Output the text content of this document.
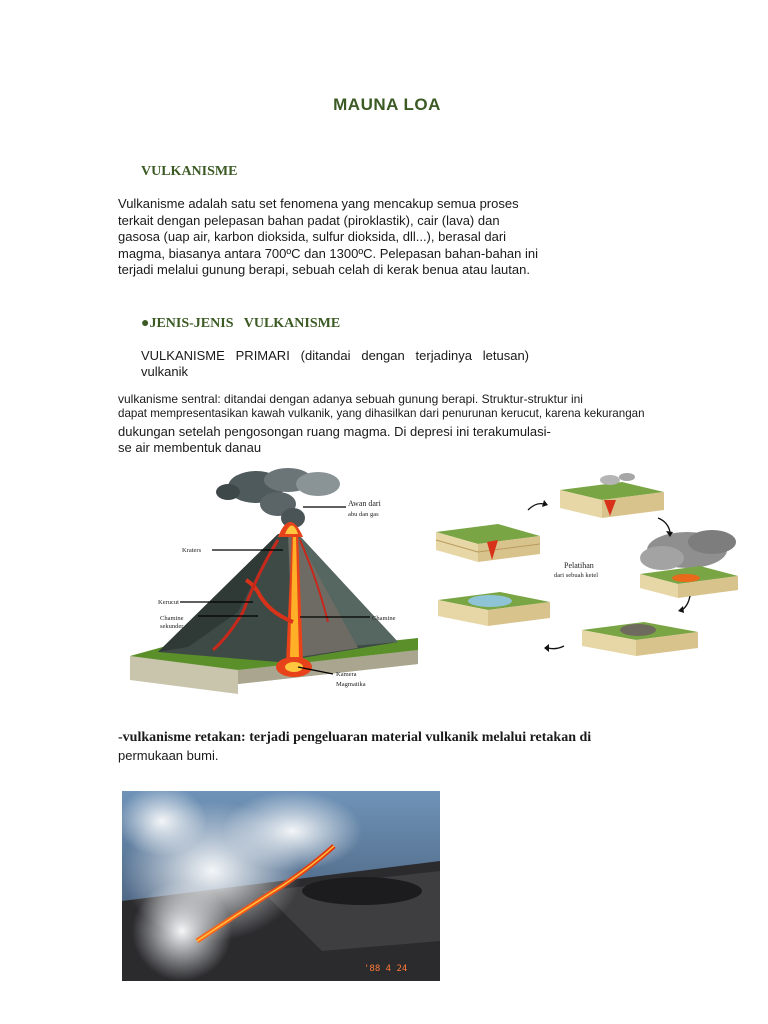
MAUNA LOA
VULKANISME
Vulkanisme adalah satu set fenomena yang mencakup semua proses
terkait dengan pelepasan bahan padat (piroklastik), cair (lava) dan
gasosa (uap air, karbon dioksida, sulfur dioksida, dll...), berasal dari
magma, biasanya antara 700ºC dan 1300ºC. Pelepasan bahan-bahan ini
terjadi melalui gunung berapi, sebuah celah di kerak benua atau lautan.
●JENIS-JENIS   VULKANISME
VULKANISME   PRIMARI   (ditandai   dengan   terjadinya   letusan)
vulkanik
vulkanisme sentral: ditandai dengan adanya sebuah gunung berapi. Struktur-struktur ini
dapat mempresentasikan kawah vulkanik, yang dihasilkan dari penurunan kerucut, karena kekurangan
dukungan setelah pengosongan ruang magma. Di depresi ini terakumulasi-
se air membentuk danau
Awan dari
abu dan gas
Kraters
Kerucut
Chamine
sekunder
Chamine
Kamera
Magmatika
Pelatihan
dari sebuah ketel
-vulkanisme retakan: terjadi pengeluaran material vulkanik melalui retakan di
permukaan bumi.
'88 4 24
